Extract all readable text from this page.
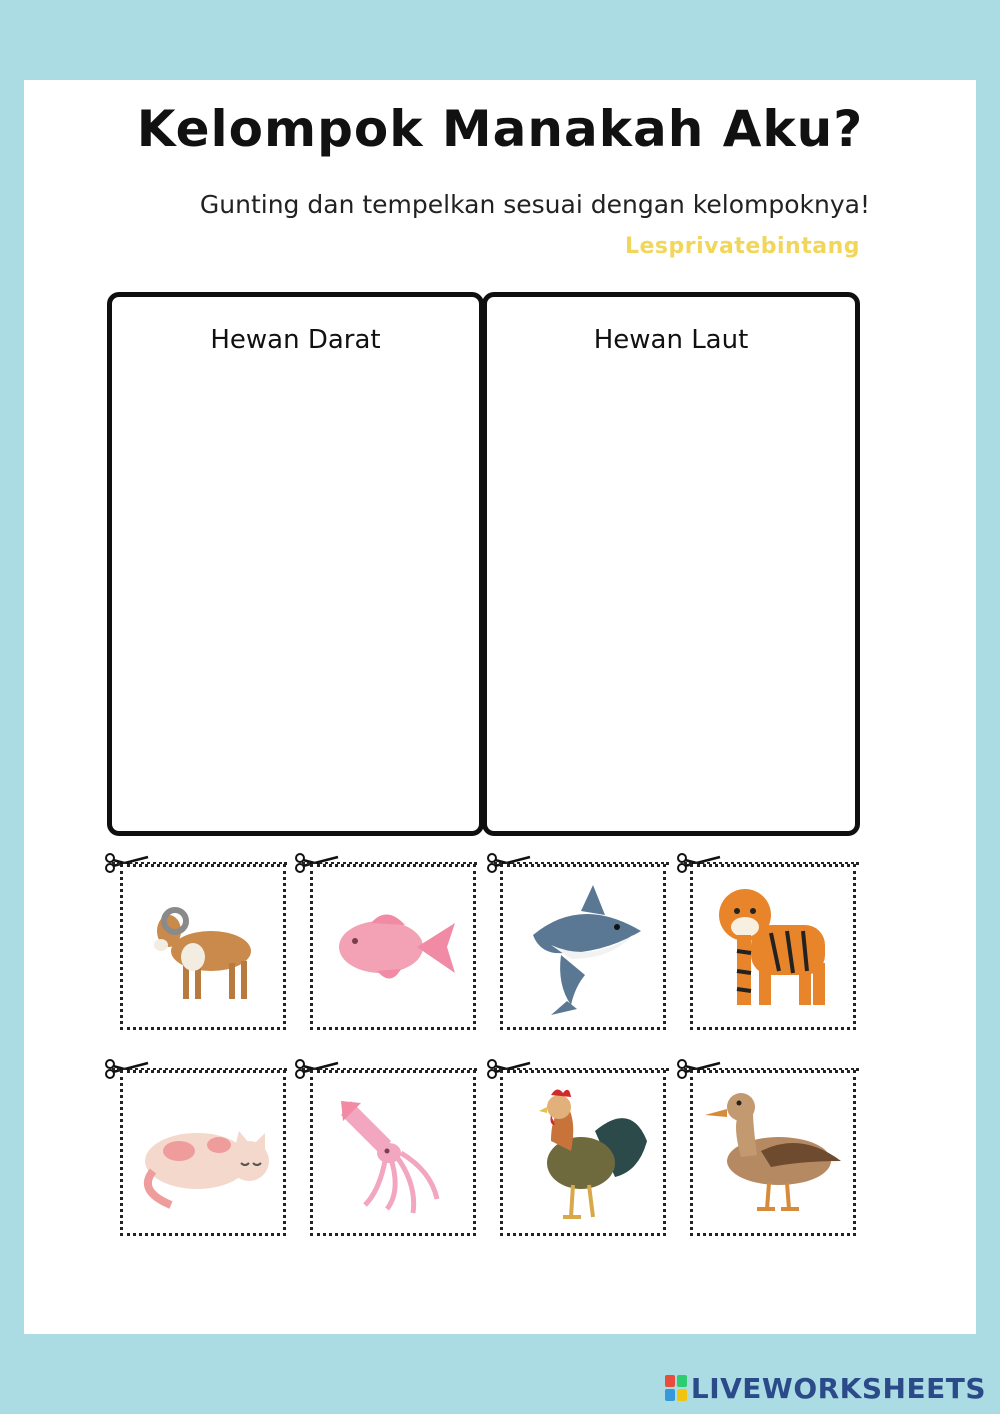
Kelompok Manakah Aku?

Gunting dan tempelkan sesuai dengan kelompoknya!

Lesprivatebintang

Hewan Darat	Hewan Laut
LIVEWORKSHEETS
